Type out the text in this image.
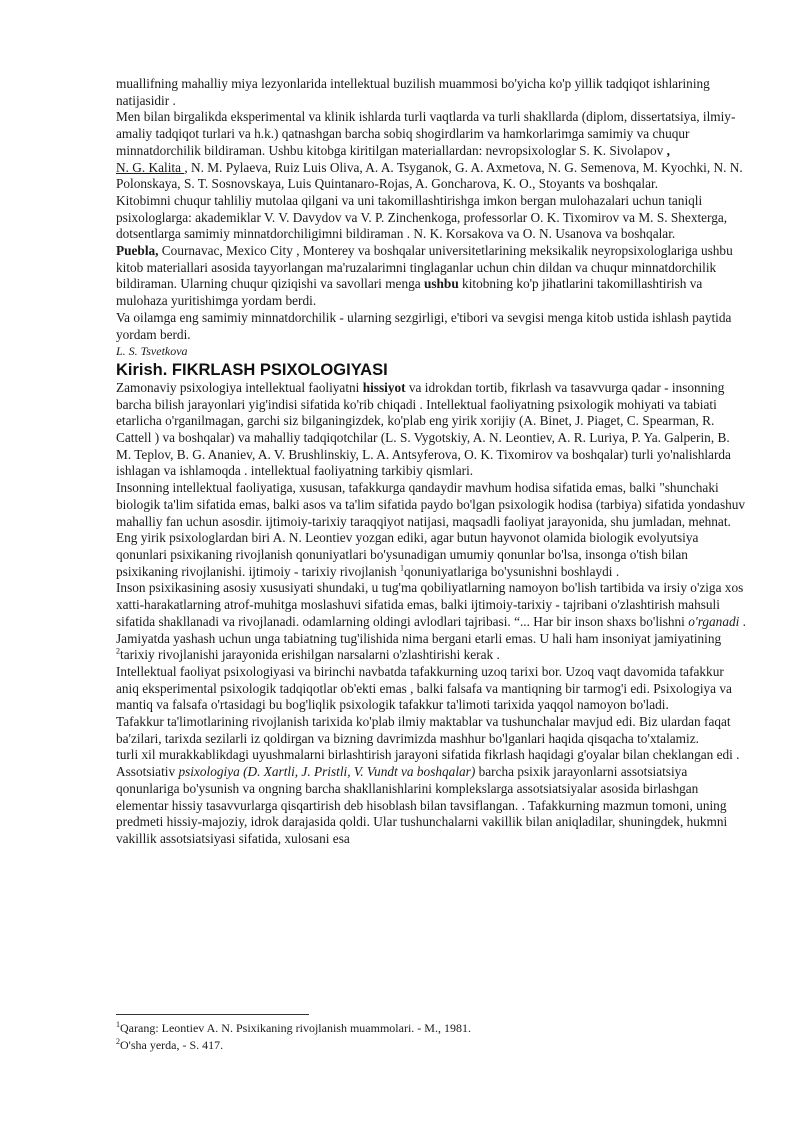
muallifning mahalliy miya lezyonlarida intellektual buzilish muammosi bo'yicha ko'p yillik tadqiqot ishlarining natijasidir .

Men bilan birgalikda eksperimental va klinik ishlarda turli vaqtlarda va turli shakllarda (diplom, dissertatsiya, ilmiy-amaliy tadqiqot turlari va h.k.) qatnashgan barcha sobiq shogirdlarim va hamkorlarimga samimiy va chuqur minnatdorchilik bildiraman. Ushbu kitobga kiritilgan materiallardan: nevropsixologlar S. K. Sivolapov ,

N. G. Kalita , N. M. Pylaeva, Ruiz Luis Oliva, A. A. Tsyganok, G. A. Axmetova, N. G. Semenova, M. Kyochki, N. N. Polonskaya, S. T. Sosnovskaya, Luis Quintanaro-Rojas, A. Goncharova, K. O., Stoyants va boshqalar.

Kitobimni chuqur tahliliy mutolaa qilgani va uni takomillashtirishga imkon bergan mulohazalari uchun taniqli psixologlarga: akademiklar V. V. Davydov va V. P. Zinchenkoga, professorlar O. K. Tixomirov va M. S. Shexterga, dotsentlarga samimiy minnatdorchiligimni bildiraman . N. K. Korsakova va O. N. Usanova va boshqalar.

Puebla, Cournavac, Mexico City , Monterey va boshqalar universitetlarining meksikalik neyropsixologlariga ushbu kitob materiallari asosida tayyorlangan ma'ruzalarimni tinglaganlar uchun chin dildan va chuqur minnatdorchilik bildiraman. Ularning chuqur qiziqishi va savollari menga ushbu kitobning ko'p jihatlarini takomillashtirish va mulohaza yuritishimga yordam berdi.

Va oilamga eng samimiy minnatdorchilik - ularning sezgirligi, e'tibori va sevgisi menga kitob ustida ishlash paytida yordam berdi.

L. S. Tsvetkova

Kirish. FIKRLASH PSIXOLOGIYASI

Zamonaviy psixologiya intellektual faoliyatni hissiyot va idrokdan tortib, fikrlash va tasavvurga qadar - insonning barcha bilish jarayonlari yig'indisi sifatida ko'rib chiqadi . Intellektual faoliyatning psixologik mohiyati va tabiati etarlicha o'rganilmagan, garchi siz bilganingizdek, ko'plab eng yirik xorijiy (A. Binet, J. Piaget, C. Spearman, R. Cattell ) va boshqalar) va mahalliy tadqiqotchilar (L. S. Vygotskiy, A. N. Leontiev, A. R. Luriya, P. Ya. Galperin, B. M. Teplov, B. G. Ananiev, A. V. Brushlinskiy, L. A. Antsyferova, O. K. Tixomirov va boshqalar) turli yo'nalishlarda ishlagan va ishlamoqda . intellektual faoliyatning tarkibiy qismlari.

Insonning intellektual faoliyatiga, xususan, tafakkurga qandaydir mavhum hodisa sifatida emas, balki "shunchaki biologik ta'lim sifatida emas, balki asos va ta'lim sifatida paydo bo'lgan psixologik hodisa (tarbiya) sifatida yondashuv mahalliy fan uchun asosdir. ijtimoiy-tarixiy taraqqiyot natijasi, maqsadli faoliyat jarayonida, shu jumladan, mehnat. Eng yirik psixologlardan biri A. N. Leontiev yozgan ediki, agar butun hayvonot olamida biologik evolyutsiya qonunlari psixikaning rivojlanish qonuniyatlari bo'ysunadigan umumiy qonunlar bo'lsa, insonga o'tish bilan psixikaning rivojlanishi. ijtimoiy - tarixiy rivojlanish $^1$qonuniyatlariga bo'ysunishni boshlaydi .

Inson psixikasining asosiy xususiyati shundaki, u tug'ma qobiliyatlarning namoyon bo'lish tartibida va irsiy o'ziga xos xatti-harakatlarning atrof-muhitga moslashuvi sifatida emas, balki ijtimoiy-tarixiy - tajribani o'zlashtirish mahsuli sifatida shakllanadi va rivojlanadi. odamlarning oldingi avlodlari tajribasi. “... Har bir inson shaxs bo'lishni o'rganadi . Jamiyatda yashash uchun unga tabiatning tug'ilishida nima bergani etarli emas. U hali ham insoniyat jamiyatining $^2$tarixiy rivojlanishi jarayonida erishilgan narsalarni o'zlashtirishi kerak .

Intellektual faoliyat psixologiyasi va birinchi navbatda tafakkurning uzoq tarixi bor. Uzoq vaqt davomida tafakkur aniq eksperimental psixologik tadqiqotlar ob'ekti emas , balki falsafa va mantiqning bir tarmog'i edi. Psixologiya va mantiq va falsafa o'rtasidagi bu bog'liqlik psixologik tafakkur ta'limoti tarixida yaqqol namoyon bo'ladi.

Tafakkur ta'limotlarining rivojlanish tarixida ko'plab ilmiy maktablar va tushunchalar mavjud edi. Biz ulardan faqat ba'zilari, tarixda sezilarli iz qoldirgan va bizning davrimizda mashhur bo'lganlari haqida qisqacha to'xtalamiz.

turli xil murakkablikdagi uyushmalarni birlashtirish jarayoni sifatida fikrlash haqidagi g'oyalar bilan cheklangan edi . Assotsiativ psixologiya (D. Xartli, J. Pristli, V. Vundt va boshqalar) barcha psixik jarayonlarni assotsiatsiya qonunlariga bo'ysunish va ongning barcha shakllanishlarini komplekslarga assotsiatsiyalar asosida birlashgan elementar hissiy tasavvurlarga qisqartirish deb hisoblash bilan tavsiflangan. . Tafakkurning mazmun tomoni, uning predmeti hissiy-majoziy, idrok darajasida qoldi. Ular tushunchalarni vakillik bilan aniqladilar, shuningdek, hukmni vakillik assotsiatsiyasi sifatida, xulosani esa

$^1$Qarang: Leontiev A. N. Psixikaning rivojlanish muammolari. - M., 1981.

$^2$O'sha yerda, - S. 417.
